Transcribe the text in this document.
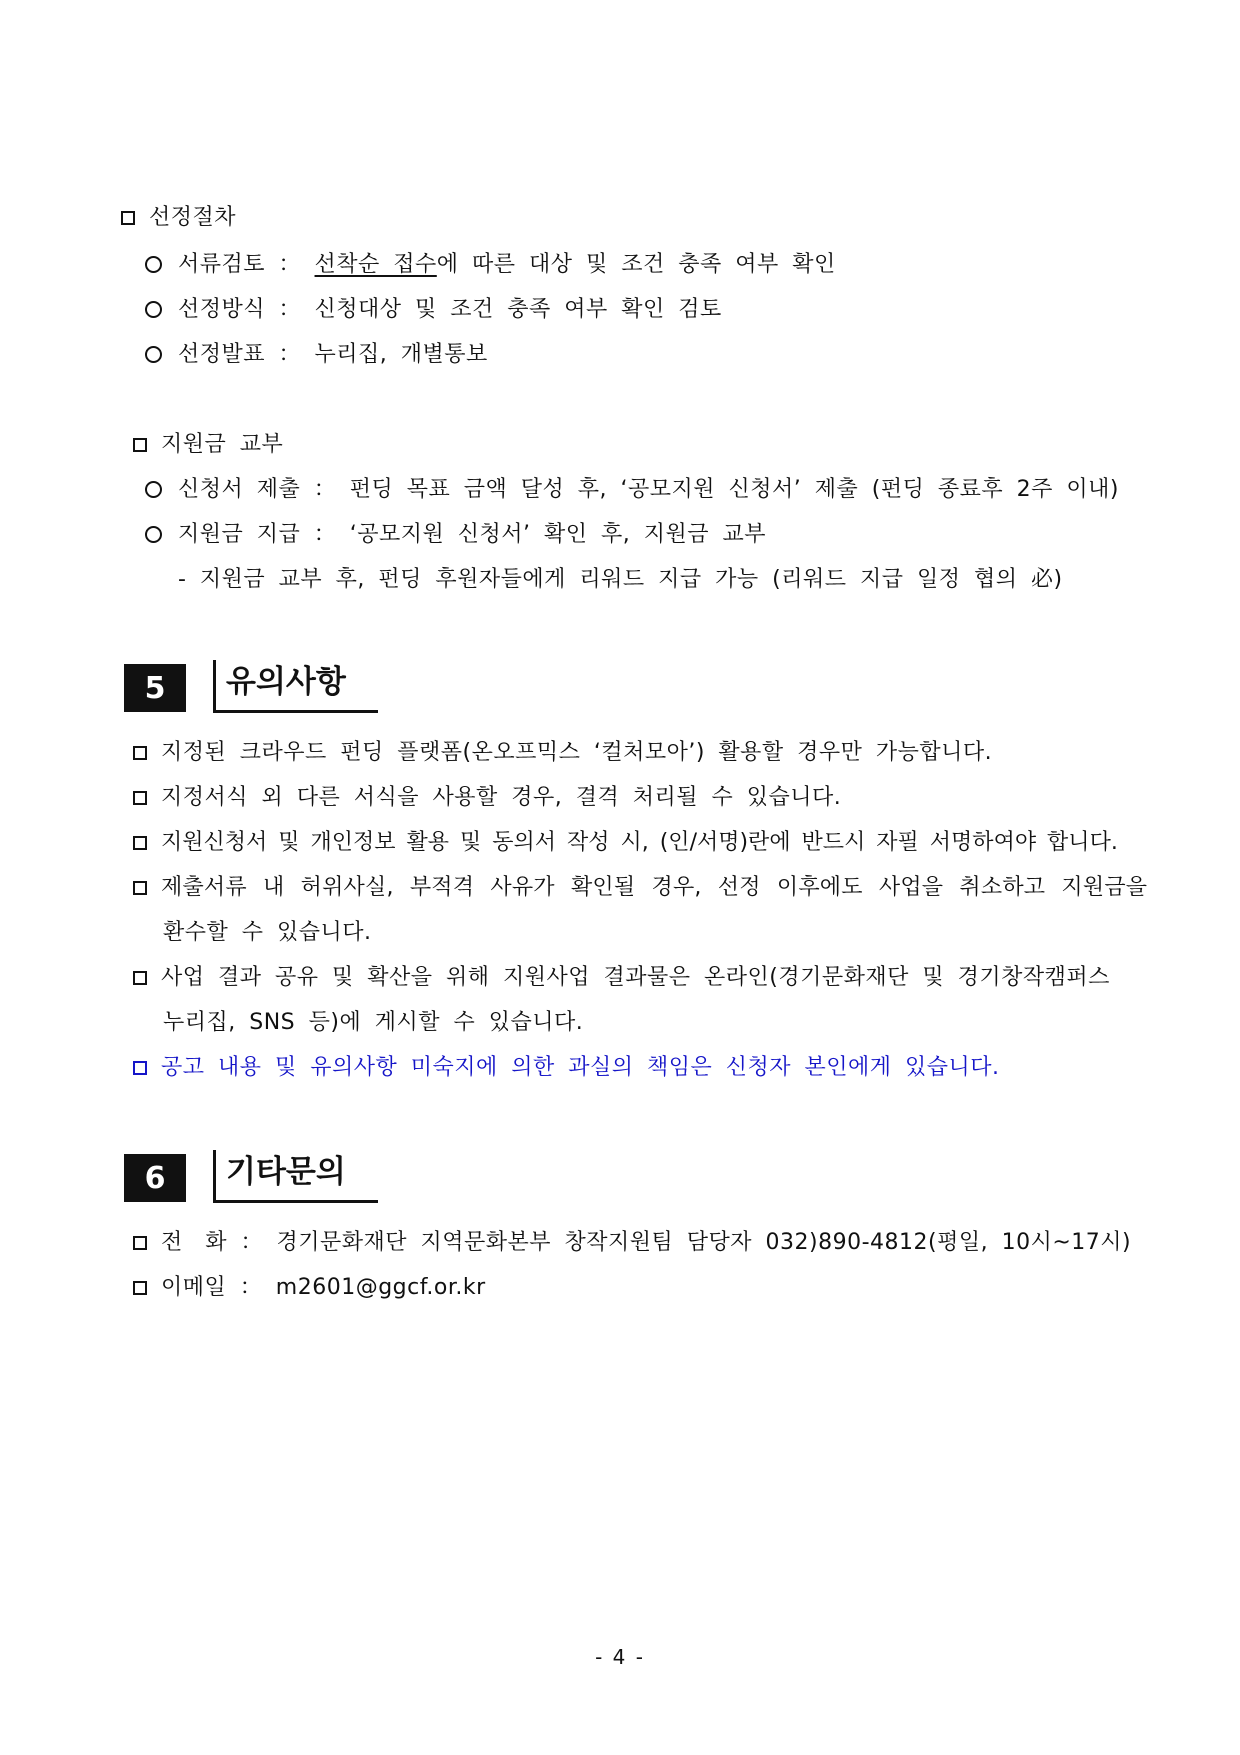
선정절차
서류검토 ： 선착순 접수에 따른 대상 및 조건 충족 여부 확인
선정방식 ： 신청대상 및 조건 충족 여부 확인 검토
선정발표 ： 누리집, 개별통보
지원금 교부
신청서 제출 ： 펀딩 목표 금액 달성 후, ‘공모지원 신청서’ 제출 (펀딩 종료후 2주 이내)
지원금 지급 ： ‘공모지원 신청서’ 확인 후, 지원금 교부
- 지원금 교부 후, 펀딩 후원자들에게 리워드 지급 가능 (리워드 지급 일정 협의 必)
5	유의사항
지정된 크라우드 펀딩 플랫폼(온오프믹스 ‘컬처모아’) 활용할 경우만 가능합니다.
지정서식 외 다른 서식을 사용할 경우, 결격 처리될 수 있습니다.
지원신청서 및 개인정보 활용 및 동의서 작성 시, (인/서명)란에 반드시 자필 서명하여야 합니다.
제출서류 내 허위사실, 부적격 사유가 확인될 경우, 선정 이후에도 사업을 취소하고 지원금을
환수할 수 있습니다.
사업 결과 공유 및 확산을 위해 지원사업 결과물은 온라인(경기문화재단 및 경기창작캠퍼스
누리집, SNS 등)에 게시할 수 있습니다.
공고 내용 및 유의사항 미숙지에 의한 과실의 책임은 신청자 본인에게 있습니다.
6	기타문의
전　화 ： 경기문화재단 지역문화본부 창작지원팀 담당자 032)890-4812(평일, 10시~17시)
이메일 ： m2601@ggcf.or.kr
- 4 -
